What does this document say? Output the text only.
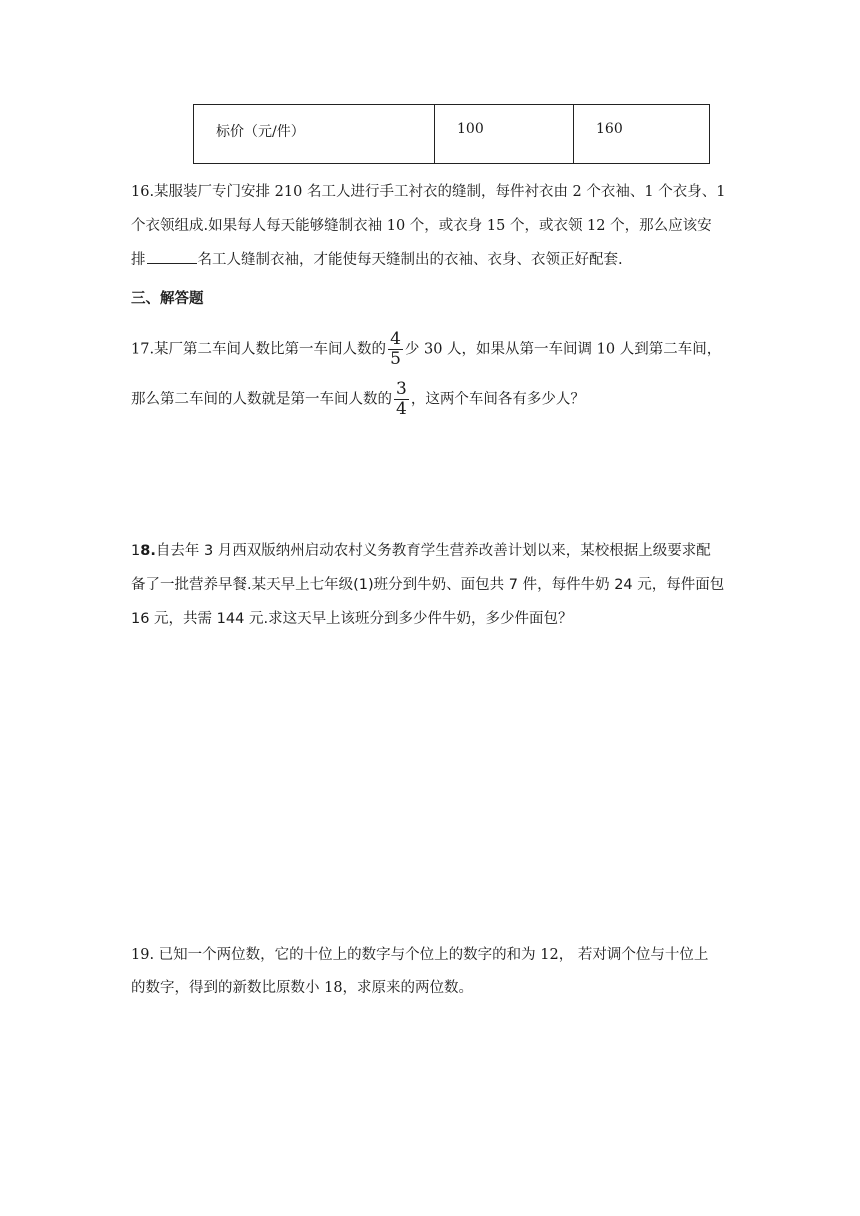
标价（元/件）	100	160
16.某服装厂专门安排 210 名工人进行手工衬衣的缝制，每件衬衣由 2 个衣袖、1 个衣身、1
个衣领组成.如果每人每天能够缝制衣袖 10 个，或衣身 15 个，或衣领 12 个，那么应该安
排	名工人缝制衣袖，才能使每天缝制出的衣袖、衣身、衣领正好配套.
三、解答题
17.某厂第二车间人数比第一车间人数的 $\frac{4}{5}$ 少 30 人，如果从第一车间调 10 人到第二车间，
那么第二车间的人数就是第一车间人数的 $\frac{3}{4}$ ，这两个车间各有多少人？
18.自去年 3 月西双版纳州启动农村义务教育学生营养改善计划以来，某校根据上级要求配
备了一批营养早餐.某天早上七年级(1)班分到牛奶、面包共 7 件，每件牛奶 24 元，每件面包
16 元，共需 144 元.求这天早上该班分到多少件牛奶，多少件面包？
19. 已知一个两位数，它的十位上的数字与个位上的数字的和为 12， 若对调个位与十位上
的数字，得到的新数比原数小 18，求原来的两位数。
